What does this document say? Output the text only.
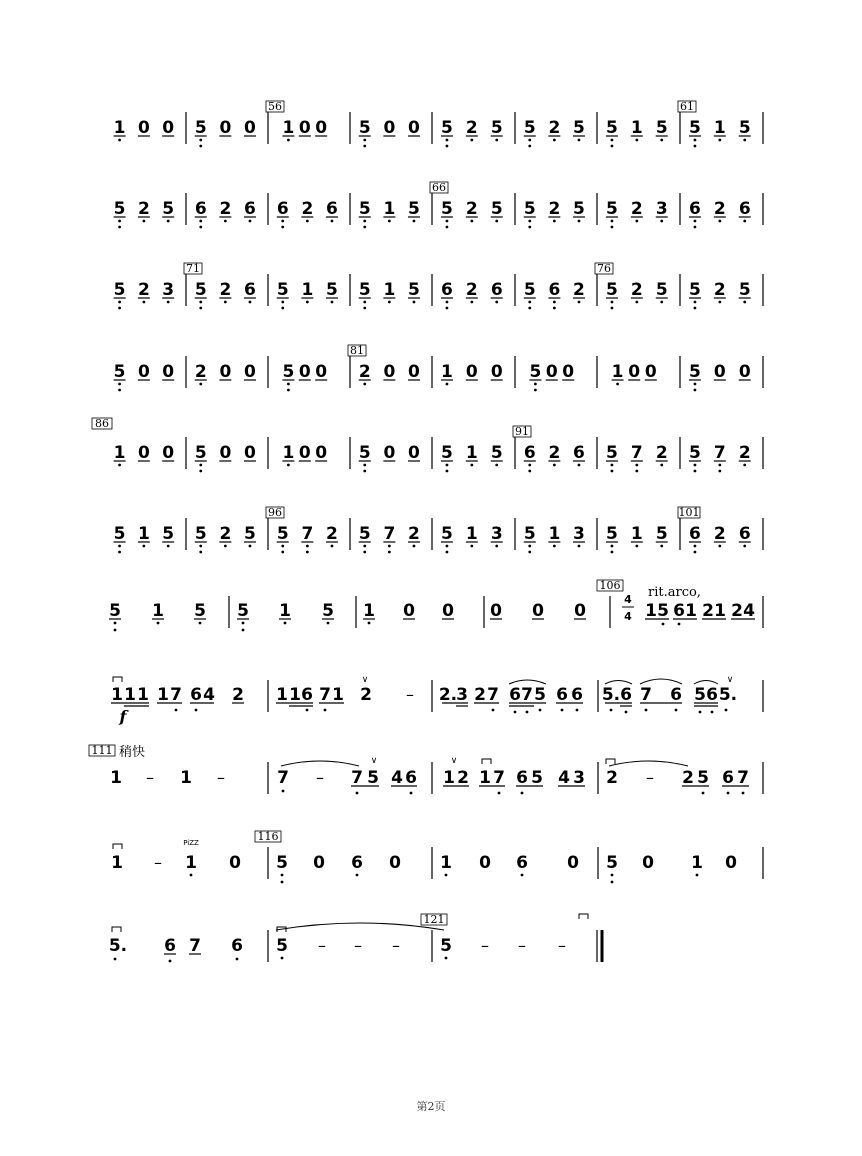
1 0 0 5 0 0
56
1 0 0 5 0 0 5 2 5 5 2 5 5 1 5
61
5 1 5
5 2 5 6 2 6 6 2 6 5 1 5
66
5 2 5 5 2 5 5 2 3 6 2 6
5 2 3
71
5 2 6 5 1 5 5 1 5 6 2 6 5 6 2
76
5 2 5 5 2 5
5 0 0 2 0 0 5 0 0
81
2 0 0 1 0 0 5 0 0 1 0 0 5 0 0
86
1 0 0 5 0 0 1 0 0 5 0 0 5 1 5
91
6 2 6 5 7 2 5 7 2
5 1 5 5 2 5
96
5 7 2 5 7 2 5 1 3 5 1 3 5 1 5
101
6 2 6
5 1 5 5 1 5 1 0 0 0 0 0
106
4
4
rit.arco,
1 5 6 1 2 1 2 4
1 1 1 1 7 6 4 2 1 1 6 7 1 2	2.
3 2 7 6 7 5 6 6 5. 6 7 6 5 6 5.
–
∨	∨
f
111 稍快
1	1	7	7 5 4 6 1 2 1 7 6 5 4 3 2	2 5 6 7
–	–	–	–
∨	∨
PiZZ	116
1	1 0 5 0 6 0 1 0 6 0 5 0 1 0
–
5. 6 7 6 5	5
– – –	– – –
121
第2页
